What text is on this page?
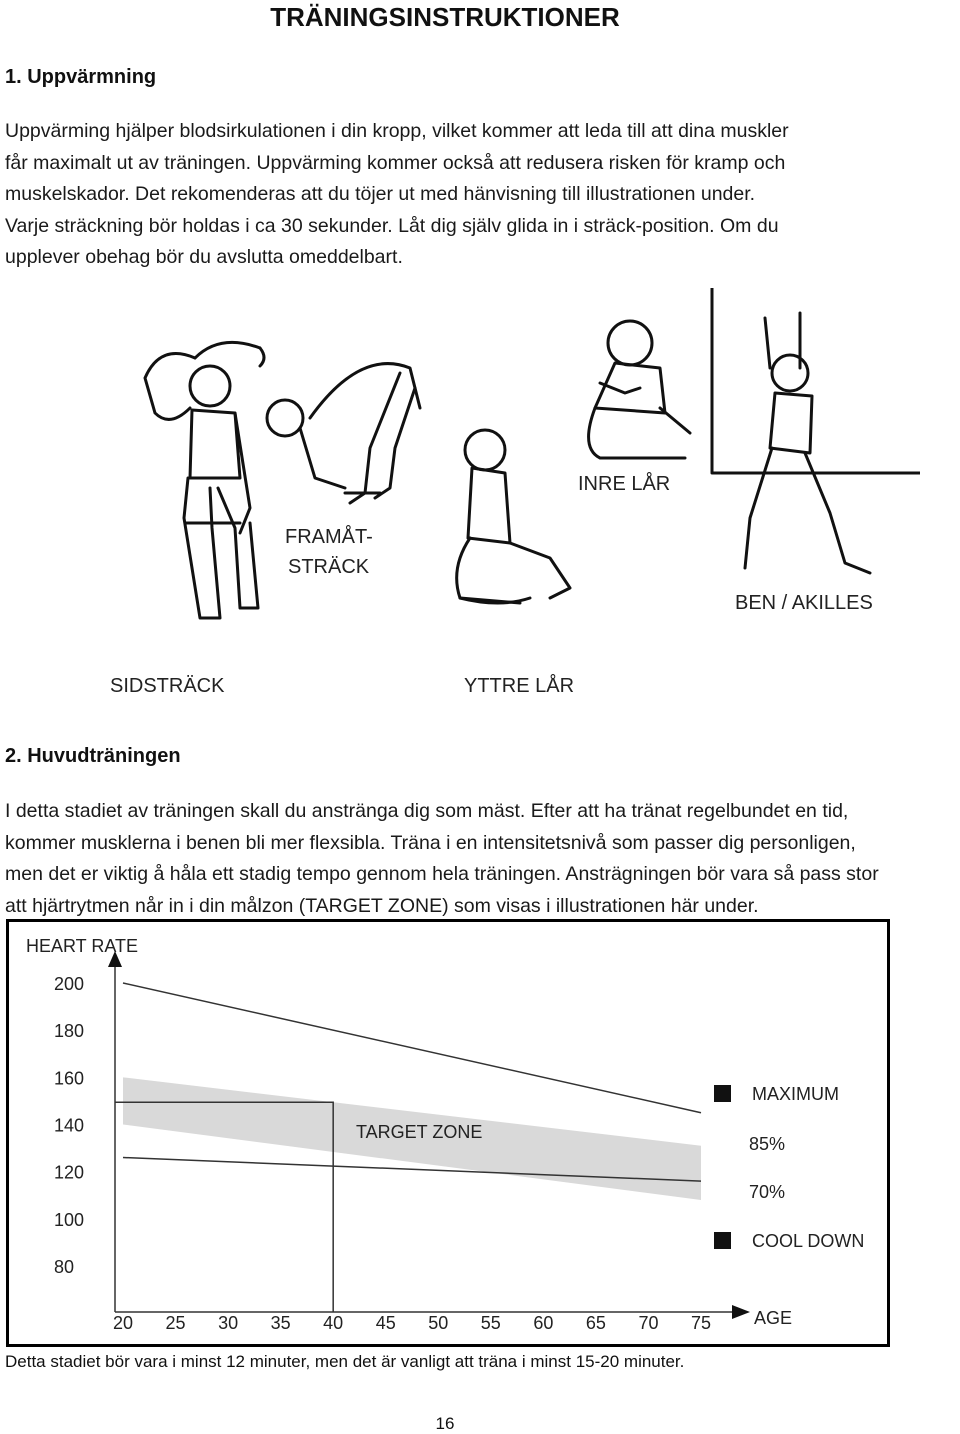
TRÄNINGSINSTRUKTIONER
1. Uppvärmning

Uppvärming hjälper blodsirkulationen i din kropp, vilket kommer att leda till att dina muskler

får maximalt ut av träningen. Uppvärming kommer också att redusera risken för kramp och

muskelskador. Det rekomenderas att du töjer ut med hänvisning till illustrationen under.

Varje sträckning bör holdas i ca 30 sekunder. Låt dig själv glida in i sträck-position. Om du

upplever obehag bör du avslutta omeddelbart.

INRE LÅR
FRAMÅT-
STRÄCK
BEN / AKILLES
SIDSTRÄCK	YTTRE LÅR
2. Huvudträningen

I detta stadiet av träningen skall du anstränga dig som mäst. Efter att ha tränat regelbundet en tid,

kommer musklerna i benen bli mer flexsibla. Träna i en intensitetsnivå som passer dig personligen,

men det er viktig å håla ett stadig tempo gennom hela träningen. Ansträgningen bör vara så pass stor

att hjärtrytmen når in i din målzon (TARGET ZONE) som visas i illustrationen här under.

HEART RATE
AGE
TARGET ZONE
MAXIMUM
85%
70%
COOL DOWN
200
180
160
140
120
100
80
20 25 30 35 40 45 50 55 60 65 70 75
Detta stadiet bör vara i minst 12 minuter, men det är vanligt att träna i minst 15-20 minuter.
16
